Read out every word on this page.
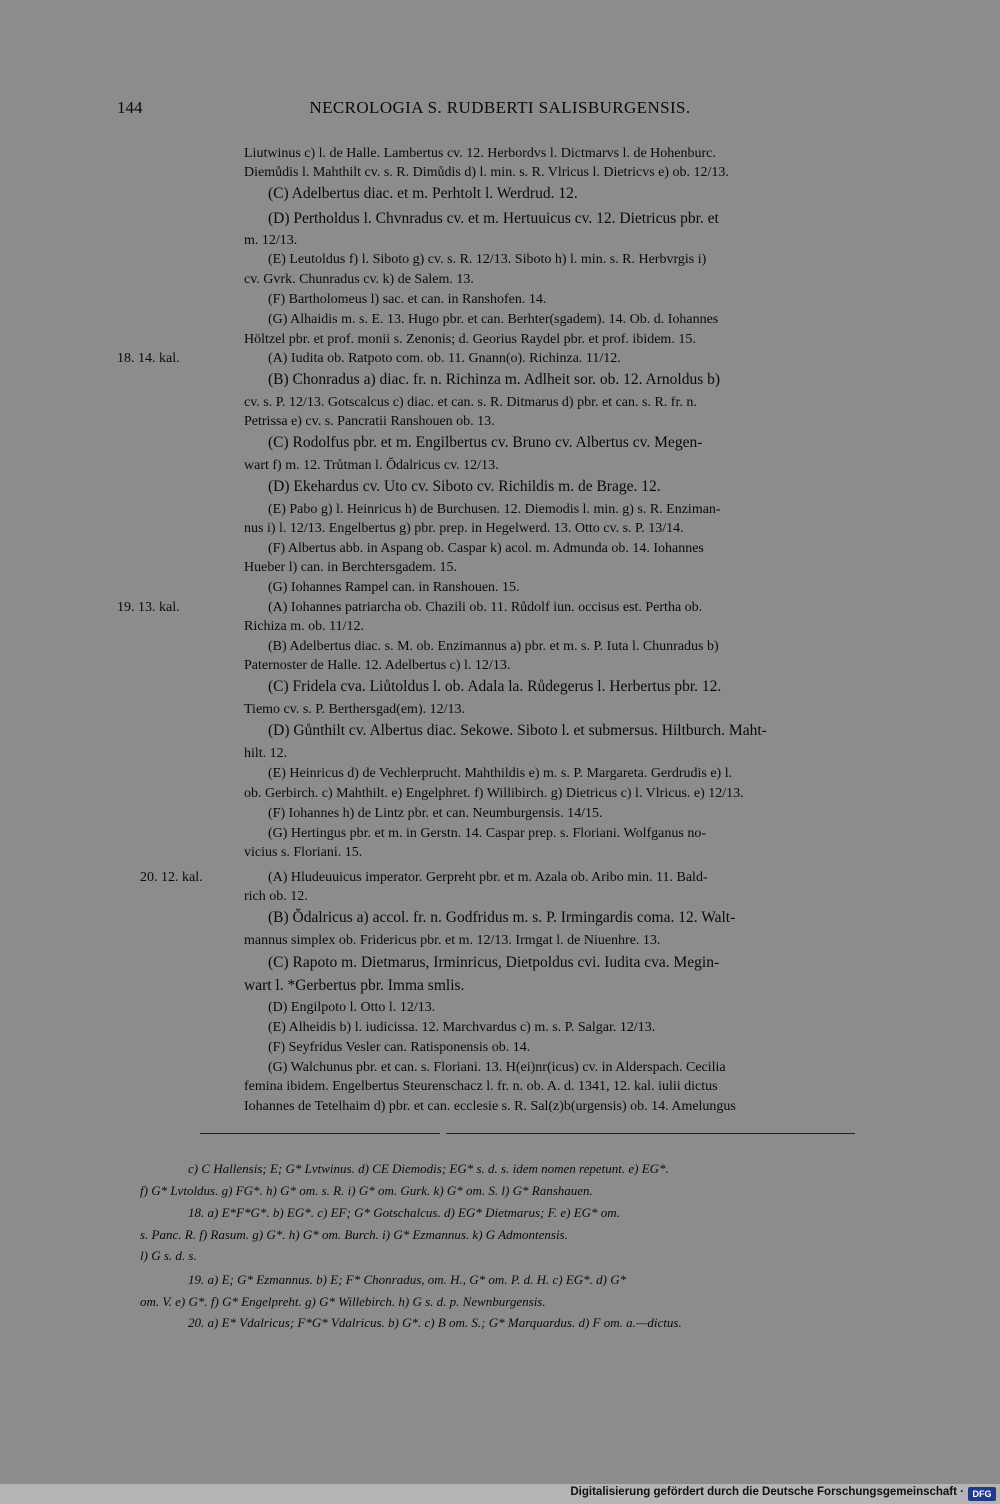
144	NECROLOGIA S. RUDBERTI SALISBURGENSIS.
Liutwinus c) l. de Halle. Lambertus cv. 12. Herbordvs l. Dictmarvs l. de Hohenburc.
Diemůdis l. Mahthilt cv. s. R. Dimůdis d) l. min. s. R. Vlricus l. Dietricvs e) ob. 12/13.
(C) Adelbertus diac. et m. Perhtolt l. Werdrud. 12.
(D) Pertholdus l. Chvnradus cv. et m. Hertuuicus cv. 12. Dietricus pbr. et
m. 12/13.
(E) Leutoldus f) l. Siboto g) cv. s. R. 12/13. Siboto h) l. min. s. R. Herbvrgis i)
cv. Gvrk. Chunradus cv. k) de Salem. 13.
(F) Bartholomeus l) sac. et can. in Ranshofen. 14.
(G) Alhaidis m. s. E. 13. Hugo pbr. et can. Berhter(sgadem). 14. Ob. d. Iohannes
Höltzel pbr. et prof. monii s. Zenonis; d. Georius Raydel pbr. et prof. ibidem. 15.
18. 14. kal.	(A) Iudita ob. Ratpoto com. ob. 11. Gnann(o). Richinza. 11/12.
(B) Chonradus a) diac. fr. n. Richinza m. Adlheit sor. ob. 12. Arnoldus b)
cv. s. P. 12/13. Gotscalcus c) diac. et can. s. R. Ditmarus d) pbr. et can. s. R. fr. n.
Petrissa e) cv. s. Pancratii Ranshouen ob. 13.
(C) Rodolfus pbr. et m. Engilbertus cv. Bruno cv. Albertus cv. Megen-
wart f) m. 12. Trůtman l. Ŏdalricus cv. 12/13.
(D) Ekehardus cv. Uto cv. Siboto cv. Richildis m. de Brage. 12.
(E) Pabo g) l. Heinricus h) de Burchusen. 12. Diemodis l. min. g) s. R. Enziman-
nus i) l. 12/13. Engelbertus g) pbr. prep. in Hegelwerd. 13. Otto cv. s. P. 13/14.
(F) Albertus abb. in Aspang ob. Caspar k) acol. m. Admunda ob. 14. Iohannes
Hueber l) can. in Berchtersgadem. 15.
(G) Iohannes Rampel can. in Ranshouen. 15.
19. 13. kal.	(A) Iohannes patriarcha ob. Chazili ob. 11. Růdolf iun. occisus est. Pertha ob.
Richiza m. ob. 11/12.
(B) Adelbertus diac. s. M. ob. Enzimannus a) pbr. et m. s. P. Iuta l. Chunradus b)
Paternoster de Halle. 12. Adelbertus c) l. 12/13.
(C) Fridela cva. Liůtoldus l. ob. Adala la. Růdegerus l. Herbertus pbr. 12.
Tiemo cv. s. P. Berthersgad(em). 12/13.
(D) Gůnthilt cv. Albertus diac. Sekowe. Siboto l. et submersus. Hiltburch. Maht-
hilt. 12.
(E) Heinricus d) de Vechlerprucht. Mahthildis e) m. s. P. Margareta. Gerdrudis e) l.
ob. Gerbirch. c) Mahthilt. e) Engelphret. f) Willibirch. g) Dietricus c) l. Vlricus. e) 12/13.
(F) Iohannes h) de Lintz pbr. et can. Neumburgensis. 14/15.
(G) Hertingus pbr. et m. in Gerstn. 14. Caspar prep. s. Floriani. Wolfganus no-
vicius s. Floriani. 15.
20. 12. kal.	(A) Hludeuuicus imperator. Gerpreht pbr. et m. Azala ob. Aribo min. 11. Bald-
rich ob. 12.
(B) Ŏdalricus a) accol. fr. n. Godfridus m. s. P. Irmingardis coma. 12. Walt-
mannus simplex ob. Fridericus pbr. et m. 12/13. Irmgat l. de Niuenhre. 13.
(C) Rapoto m. Dietmarus, Irminricus, Dietpoldus cvi. Iudita cva. Megin-
wart l. *Gerbertus pbr. Imma smlis.
(D) Engilpoto l. Otto l. 12/13.
(E) Alheidis b) l. iudicissa. 12. Marchvardus c) m. s. P. Salgar. 12/13.
(F) Seyfridus Vesler can. Ratisponensis ob. 14.
(G) Walchunus pbr. et can. s. Floriani. 13. H(ei)nr(icus) cv. in Alderspach. Cecilia
femina ibidem. Engelbertus Steurenschacz l. fr. n. ob. A. d. 1341, 12. kal. iulii dictus
Iohannes de Tetelhaim d) pbr. et can. ecclesie s. R. Sal(z)b(urgensis) ob. 14. Amelungus
c) C Hallensis; E; G* Lvtwinus. d) CE Diemodis; EG* s. d. s. idem nomen repetunt. e) EG*.
f) G* Lvtoldus. g) FG*. h) G* om. s. R. i) G* om. Gurk. k) G* om. S. l) G* Ranshauen.
18. a) E*F*G*. b) EG*. c) EF; G* Gotschalcus. d) EG* Dietmarus; F. e) EG* om.
s. Panc. R. f) Rasum. g) G*. h) G* om. Burch. i) G* Ezmannus. k) G Admontensis.
l) G s. d. s.
19. a) E; G* Ezmannus. b) E; F* Chonradus, om. H., G* om. P. d. H. c) EG*. d) G*
om. V. e) G*. f) G* Engelpreht. g) G* Willebirch. h) G s. d. p. Newnburgensis.
20. a) E* Vdalricus; F*G* Vdalricus. b) G*. c) B om. S.; G* Marquardus. d) F om. a.—dictus.
Digitalisierung gefördert durch die Deutsche Forschungsgemeinschaft · DFG
